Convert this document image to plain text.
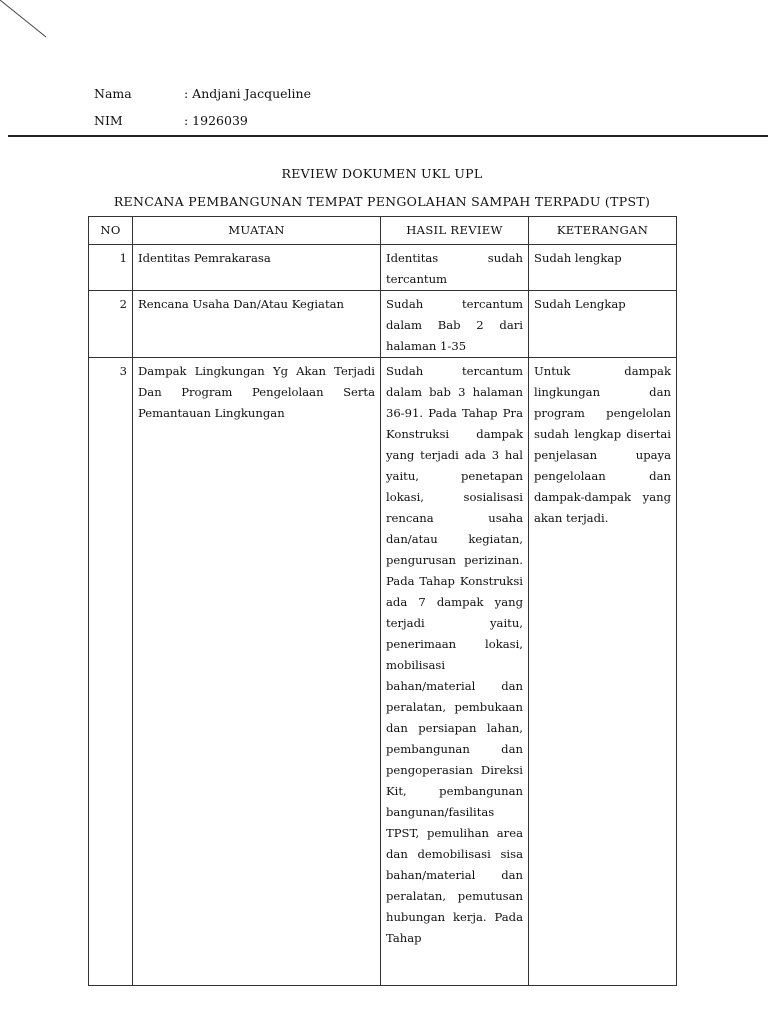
Nama	: Andjani Jacqueline
NIM	: 1926039
REVIEW DOKUMEN UKL UPL
RENCANA PEMBANGUNAN TEMPAT PENGOLAHAN SAMPAH TERPADU (TPST)
NO	MUATAN	HASIL REVIEW	KETERANGAN
1	Identitas Pemrakarasa	Identitas sudah tercantum	Sudah lengkap
2	Rencana Usaha Dan/Atau Kegiatan	Sudah tercantum dalam Bab 2 dari halaman 1-35	Sudah Lengkap
3	Dampak Lingkungan Yg Akan Terjadi Dan Program Pengelolaan Serta Pemantauan Lingkungan	Sudah tercantum dalam bab 3 halaman 36-91. Pada Tahap Pra Konstruksi dampak yang terjadi ada 3 hal yaitu, penetapan lokasi, sosialisasi rencana usaha dan/atau kegiatan, pengurusan perizinan. Pada Tahap Konstruksi ada 7 dampak yang terjadi yaitu, penerimaan lokasi, mobilisasi bahan/material dan peralatan, pembukaan dan persiapan lahan, pembangunan dan pengoperasian Direksi Kit, pembangunan bangunan/fasilitas TPST, pemulihan area dan demobilisasi sisa bahan/material dan peralatan, pemutusan hubungan kerja. Pada Tahap	Untuk dampak lingkungan dan program pengelolan sudah lengkap disertai penjelasan upaya pengelolaan dan dampak-dampak yang akan terjadi.
